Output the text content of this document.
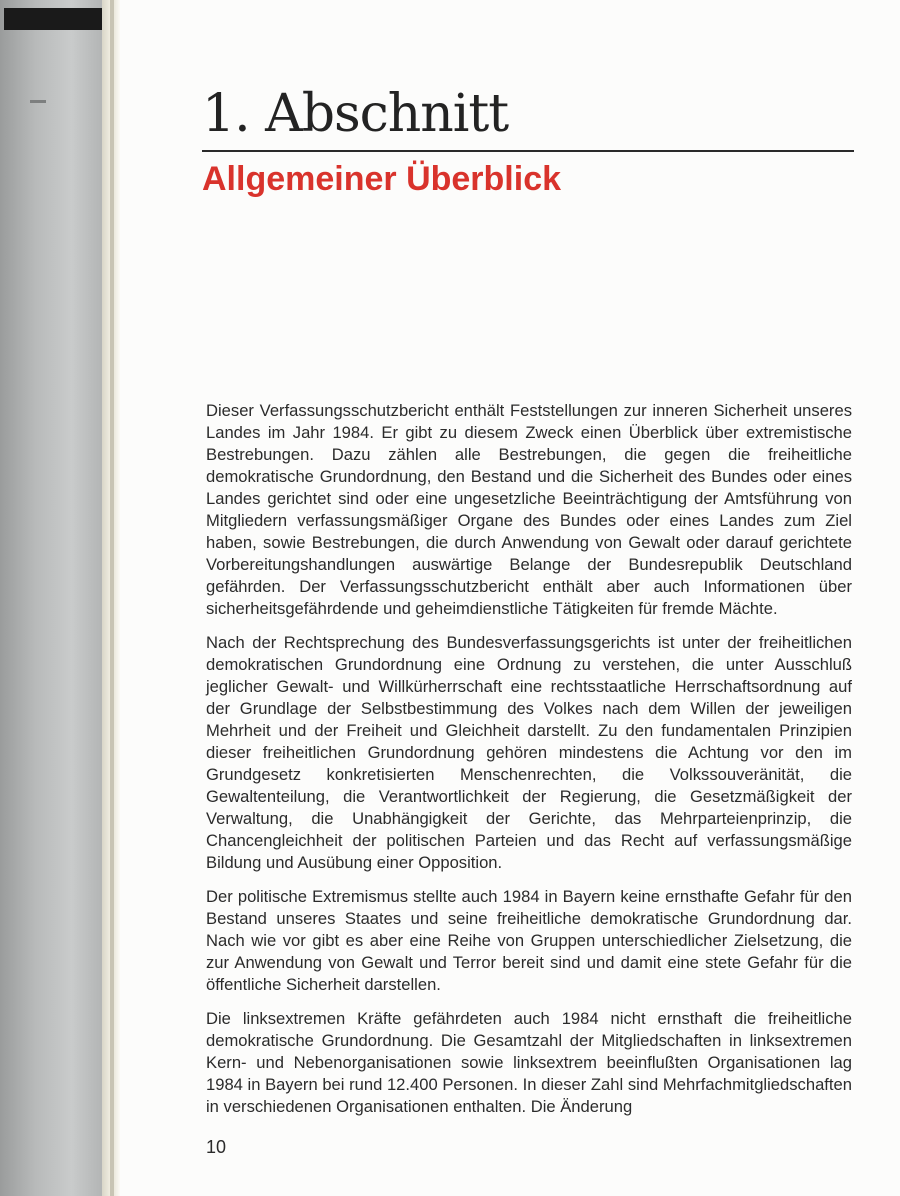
1. Abschnitt
Allgemeiner Überblick

Dieser Verfassungsschutzbericht enthält Feststellungen zur inneren Sicherheit unseres Landes im Jahr 1984. Er gibt zu diesem Zweck einen Überblick über extremistische Bestrebungen. Dazu zählen alle Bestrebungen, die gegen die freiheitliche demokratische Grundordnung, den Bestand und die Sicherheit des Bundes oder eines Landes gerichtet sind oder eine ungesetzliche Beeinträchtigung der Amtsführung von Mitgliedern verfassungsmäßiger Organe des Bundes oder eines Landes zum Ziel haben, sowie Bestrebungen, die durch Anwendung von Gewalt oder darauf gerichtete Vorbereitungshandlungen auswärtige Belange der Bundesrepublik Deutschland gefährden. Der Verfassungsschutzbericht enthält aber auch Informationen über sicherheitsgefährdende und geheimdienstliche Tätigkeiten für fremde Mächte.

Nach der Rechtsprechung des Bundesverfassungsgerichts ist unter der freiheitlichen demokratischen Grundordnung eine Ordnung zu verstehen, die unter Ausschluß jeglicher Gewalt- und Willkürherrschaft eine rechtsstaatliche Herrschaftsordnung auf der Grundlage der Selbstbestimmung des Volkes nach dem Willen der jeweiligen Mehrheit und der Freiheit und Gleichheit darstellt. Zu den fundamentalen Prinzipien dieser freiheitlichen Grundordnung gehören mindestens die Achtung vor den im Grundgesetz konkretisierten Menschenrechten, die Volkssouveränität, die Gewaltenteilung, die Verantwortlichkeit der Regierung, die Gesetzmäßigkeit der Verwaltung, die Unabhängigkeit der Gerichte, das Mehrparteienprinzip, die Chancengleichheit der politischen Parteien und das Recht auf verfassungsmäßige Bildung und Ausübung einer Opposition.

Der politische Extremismus stellte auch 1984 in Bayern keine ernsthafte Gefahr für den Bestand unseres Staates und seine freiheitliche demokratische Grundordnung dar. Nach wie vor gibt es aber eine Reihe von Gruppen unterschiedlicher Zielsetzung, die zur Anwendung von Gewalt und Terror bereit sind und damit eine stete Gefahr für die öffentliche Sicherheit darstellen.

Die linksextremen Kräfte gefährdeten auch 1984 nicht ernsthaft die freiheitliche demokratische Grundordnung. Die Gesamtzahl der Mitgliedschaften in linksextremen Kern- und Nebenorganisationen sowie linksextrem beeinflußten Organisationen lag 1984 in Bayern bei rund 12.400 Personen. In dieser Zahl sind Mehrfachmitgliedschaften in verschiedenen Organisationen enthalten. Die Änderung

10
